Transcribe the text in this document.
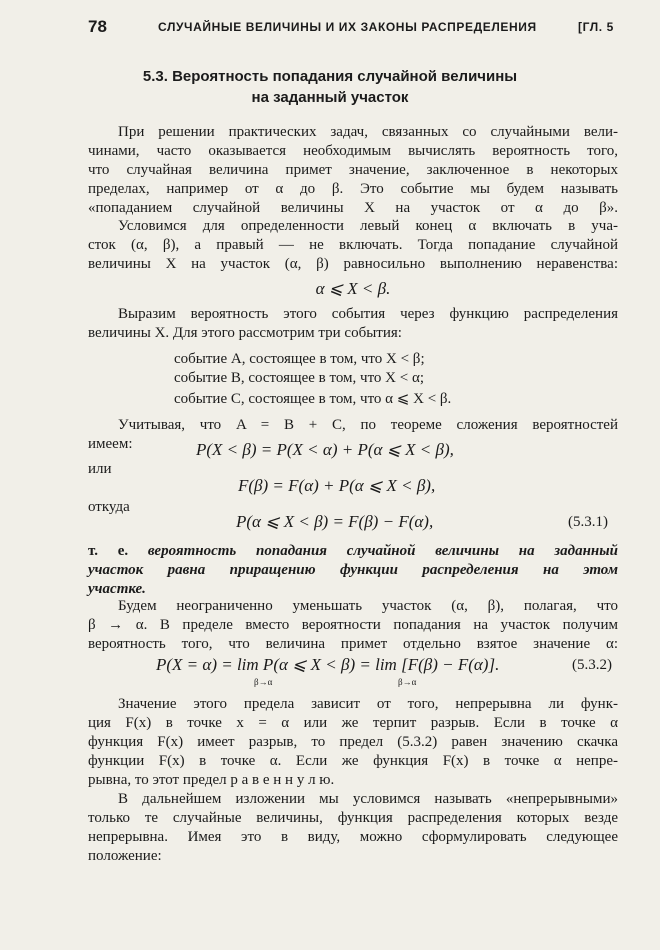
78	СЛУЧАЙНЫЕ ВЕЛИЧИНЫ И ИХ ЗАКОНЫ РАСПРЕДЕЛЕНИЯ	[ГЛ. 5
5.3. Вероятность попадания случайной величины
на заданный участок
При решении практических задач, связанных со случайными вели-
чинами, часто оказывается необходимым вычислять вероятность того,
что случайная величина примет значение, заключенное в некоторых
пределах, например от α до β. Это событие мы будем называть
«попаданием случайной величины X на участок от α до β».
Условимся для определенности левый конец α включать в уча-
сток (α, β), а правый — не включать. Тогда попадание случайной
величины X на участок (α, β) равносильно выполнению неравенства:
α ⩽ X < β.
Выразим вероятность этого события через функцию распределения
величины X. Для этого рассмотрим три события:
событие A, состоящее в том, что X < β;
событие B, состоящее в том, что X < α;
событие C, состоящее в том, что α ⩽ X < β.
Учитывая, что A = B + C, по теореме сложения вероятностей
имеем:	P(X < β) = P(X < α) + P(α ⩽ X < β),
или
F(β) = F(α) + P(α ⩽ X < β),
откуда
P(α ⩽ X < β) = F(β) − F(α),	(5.3.1)
т. е. вероятность попадания случайной величины на заданный
участок равна приращению функции распределения на этом
участке.
Будем неограниченно уменьшать участок (α, β), полагая, что
β → α. В пределе вместо вероятности попадания на участок получим
вероятность того, что величина примет отдельно взятое значение α:
P(X = α) = lim P(α ⩽ X < β) = lim [F(β) − F(α)].
β→α	β→α
(5.3.2)
Значение этого предела зависит от того, непрерывна ли функ-
ция F(x) в точке x = α или же терпит разрыв. Если в точке α
функция F(x) имеет разрыв, то предел (5.3.2) равен значению скачка
функции F(x) в точке α. Если же функция F(x) в точке α непре-
рывна, то этот предел р а в е н н у л ю.
В дальнейшем изложении мы условимся называть «непрерывными»
только те случайные величины, функция распределения которых везде
непрерывна. Имея это в виду, можно сформулировать следующее
положение:
